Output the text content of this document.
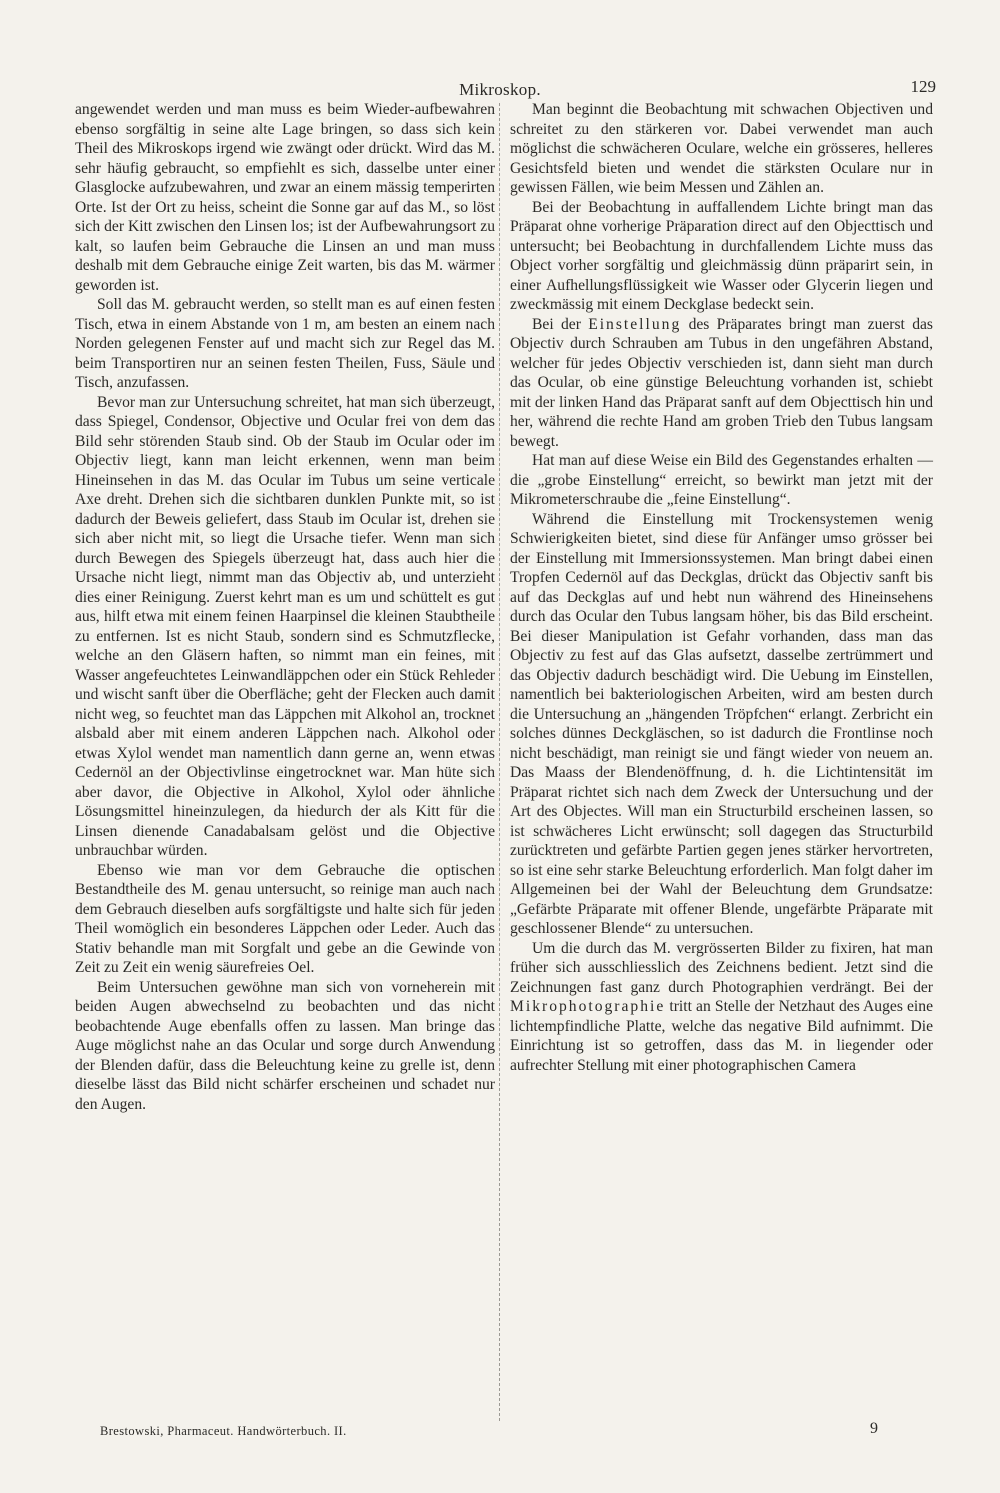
Mikroskop.	129

angewendet werden und man muss es beim Wieder-aufbewahren ebenso sorgfältig in seine alte Lage bringen, so dass sich kein Theil des Mikroskops irgend wie zwängt oder drückt. Wird das M. sehr häufig gebraucht, so empfiehlt es sich, dasselbe unter einer Glasglocke aufzubewahren, und zwar an einem mässig temperirten Orte. Ist der Ort zu heiss, scheint die Sonne gar auf das M., so löst sich der Kitt zwischen den Linsen los; ist der Aufbewahrungsort zu kalt, so laufen beim Gebrauche die Linsen an und man muss deshalb mit dem Gebrauche einige Zeit warten, bis das M. wärmer geworden ist.

Soll das M. gebraucht werden, so stellt man es auf einen festen Tisch, etwa in einem Abstande von 1 m, am besten an einem nach Norden gelegenen Fenster auf und macht sich zur Regel das M. beim Transportiren nur an seinen festen Theilen, Fuss, Säule und Tisch, anzufassen.

Bevor man zur Untersuchung schreitet, hat man sich überzeugt, dass Spiegel, Condensor, Objective und Ocular frei von dem das Bild sehr störenden Staub sind. Ob der Staub im Ocular oder im Objectiv liegt, kann man leicht erkennen, wenn man beim Hineinsehen in das M. das Ocular im Tubus um seine verticale Axe dreht. Drehen sich die sichtbaren dunklen Punkte mit, so ist dadurch der Beweis geliefert, dass Staub im Ocular ist, drehen sie sich aber nicht mit, so liegt die Ursache tiefer. Wenn man sich durch Bewegen des Spiegels überzeugt hat, dass auch hier die Ursache nicht liegt, nimmt man das Objectiv ab, und unterzieht dies einer Reinigung. Zuerst kehrt man es um und schüttelt es gut aus, hilft etwa mit einem feinen Haarpinsel die kleinen Staubtheile zu entfernen. Ist es nicht Staub, sondern sind es Schmutzflecke, welche an den Gläsern haften, so nimmt man ein feines, mit Wasser angefeuchtetes Leinwandläppchen oder ein Stück Rehleder und wischt sanft über die Oberfläche; geht der Flecken auch damit nicht weg, so feuchtet man das Läppchen mit Alkohol an, trocknet alsbald aber mit einem anderen Läppchen nach. Alkohol oder etwas Xylol wendet man namentlich dann gerne an, wenn etwas Cedernöl an der Objectivlinse eingetrocknet war. Man hüte sich aber davor, die Objective in Alkohol, Xylol oder ähnliche Lösungsmittel hineinzulegen, da hiedurch der als Kitt für die Linsen dienende Canadabalsam gelöst und die Objective unbrauchbar würden.

Ebenso wie man vor dem Gebrauche die optischen Bestandtheile des M. genau untersucht, so reinige man auch nach dem Gebrauch dieselben aufs sorgfältigste und halte sich für jeden Theil womöglich ein besonderes Läppchen oder Leder. Auch das Stativ behandle man mit Sorgfalt und gebe an die Gewinde von Zeit zu Zeit ein wenig säurefreies Oel.

Beim Untersuchen gewöhne man sich von vorneherein mit beiden Augen abwechselnd zu beobachten und das nicht beobachtende Auge ebenfalls offen zu lassen. Man bringe das Auge möglichst nahe an das Ocular und sorge durch Anwendung der Blenden dafür, dass die Beleuchtung keine zu grelle ist, denn dieselbe lässt das Bild nicht schärfer erscheinen und schadet nur den Augen.

Man beginnt die Beobachtung mit schwachen Objectiven und schreitet zu den stärkeren vor. Dabei verwendet man auch möglichst die schwächeren Oculare, welche ein grösseres, helleres Gesichtsfeld bieten und wendet die stärksten Oculare nur in gewissen Fällen, wie beim Messen und Zählen an.

Bei der Beobachtung in auffallendem Lichte bringt man das Präparat ohne vorherige Präparation direct auf den Objecttisch und untersucht; bei Beobachtung in durchfallendem Lichte muss das Object vorher sorgfältig und gleichmässig dünn präparirt sein, in einer Aufhellungsflüssigkeit wie Wasser oder Glycerin liegen und zweckmässig mit einem Deckglase bedeckt sein.

Bei der Einstellung des Präparates bringt man zuerst das Objectiv durch Schrauben am Tubus in den ungefähren Abstand, welcher für jedes Objectiv verschieden ist, dann sieht man durch das Ocular, ob eine günstige Beleuchtung vorhanden ist, schiebt mit der linken Hand das Präparat sanft auf dem Objecttisch hin und her, während die rechte Hand am groben Trieb den Tubus langsam bewegt.

Hat man auf diese Weise ein Bild des Gegenstandes erhalten — die „grobe Einstellung“ erreicht, so bewirkt man jetzt mit der Mikrometerschraube die „feine Einstellung“.

Während die Einstellung mit Trockensystemen wenig Schwierigkeiten bietet, sind diese für Anfänger umso grösser bei der Einstellung mit Immersionssystemen. Man bringt dabei einen Tropfen Cedernöl auf das Deckglas, drückt das Objectiv sanft bis auf das Deckglas auf und hebt nun während des Hineinsehens durch das Ocular den Tubus langsam höher, bis das Bild erscheint. Bei dieser Manipulation ist Gefahr vorhanden, dass man das Objectiv zu fest auf das Glas aufsetzt, dasselbe zertrümmert und das Objectiv dadurch beschädigt wird. Die Uebung im Einstellen, namentlich bei bakteriologischen Arbeiten, wird am besten durch die Untersuchung an „hängenden Tröpfchen“ erlangt. Zerbricht ein solches dünnes Deckgläschen, so ist dadurch die Frontlinse noch nicht beschädigt, man reinigt sie und fängt wieder von neuem an. Das Maass der Blendenöffnung, d. h. die Lichtintensität im Präparat richtet sich nach dem Zweck der Untersuchung und der Art des Objectes. Will man ein Structurbild erscheinen lassen, so ist schwächeres Licht erwünscht; soll dagegen das Structurbild zurücktreten und gefärbte Partien gegen jenes stärker hervortreten, so ist eine sehr starke Beleuchtung erforderlich. Man folgt daher im Allgemeinen bei der Wahl der Beleuchtung dem Grundsatze: „Gefärbte Präparate mit offener Blende, ungefärbte Präparate mit geschlossener Blende“ zu untersuchen.

Um die durch das M. vergrösserten Bilder zu fixiren, hat man früher sich ausschliesslich des Zeichnens bedient. Jetzt sind die Zeichnungen fast ganz durch Photographien verdrängt. Bei der Mikrophotographie tritt an Stelle der Netzhaut des Auges eine lichtempfindliche Platte, welche das negative Bild aufnimmt. Die Einrichtung ist so getroffen, dass das M. in liegender oder aufrechter Stellung mit einer photographischen Camera

Brestowski, Pharmaceut. Handwörterbuch. II.	9
